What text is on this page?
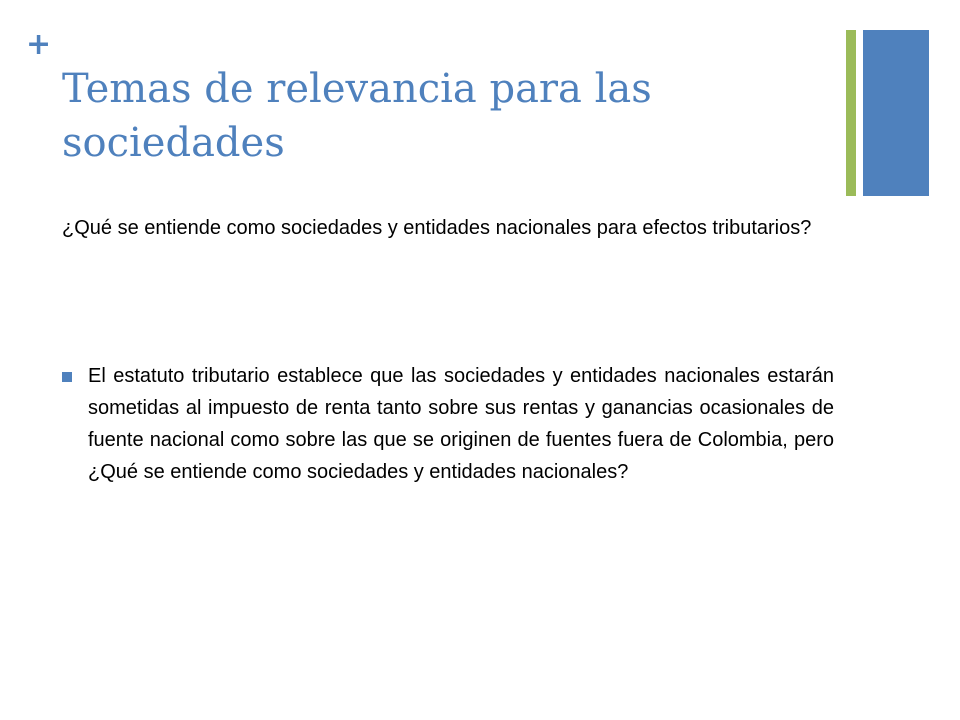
+
Temas de relevancia para las sociedades

¿Qué se entiende como sociedades y entidades nacionales para efectos tributarios?

El estatuto tributario establece que las sociedades y entidades nacionales estarán sometidas al impuesto de renta tanto sobre sus rentas y ganancias ocasionales de fuente nacional como sobre las que se originen de fuentes fuera de Colombia, pero ¿Qué se entiende como sociedades y entidades nacionales?
